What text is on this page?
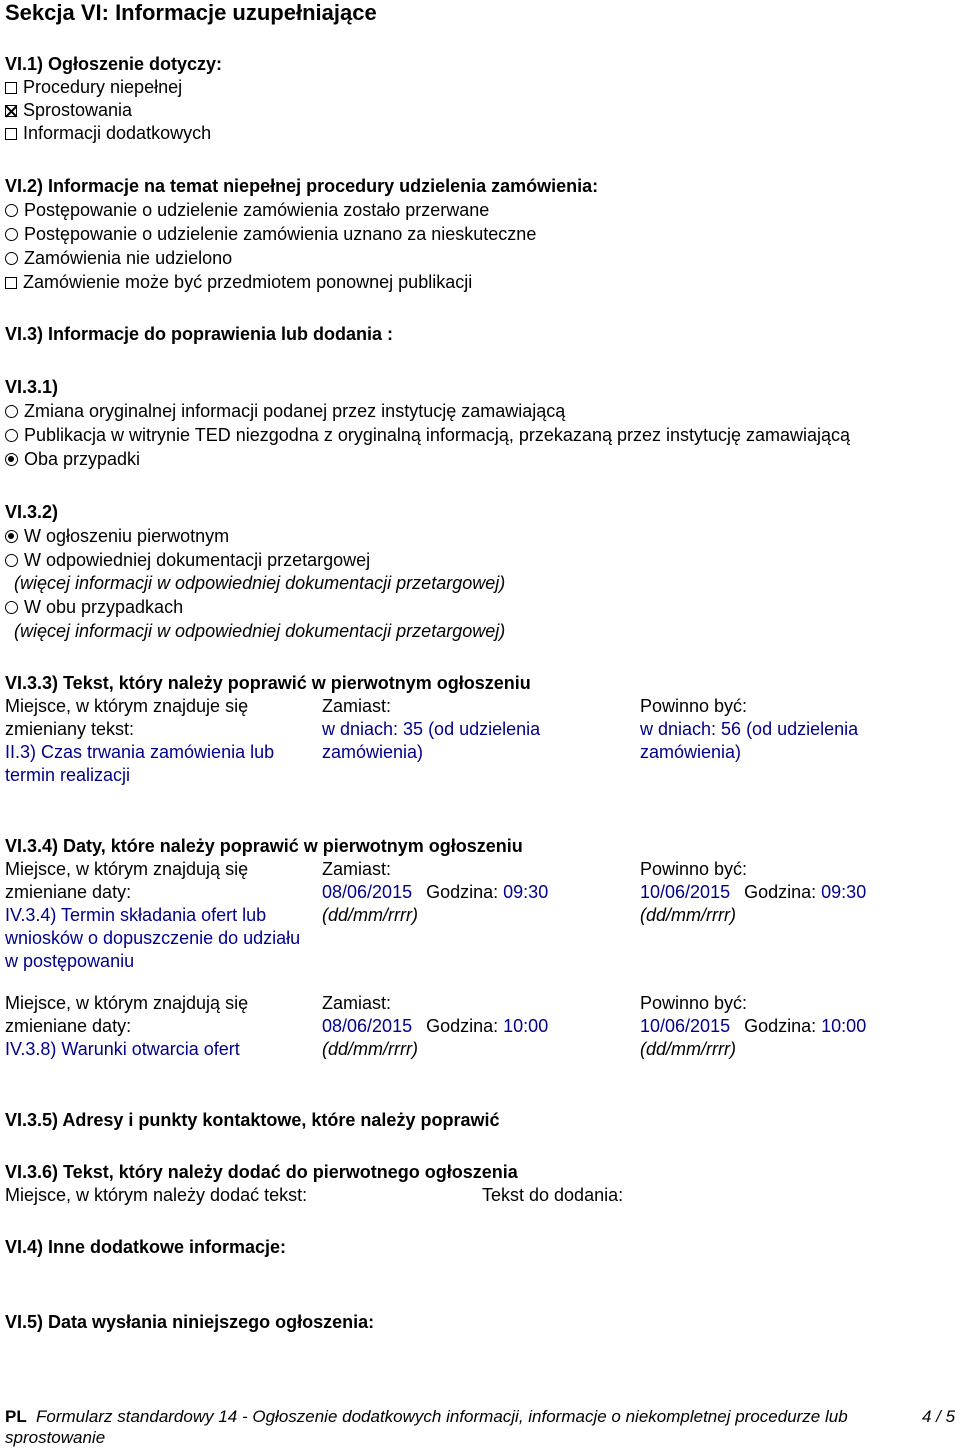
Sekcja VI: Informacje uzupełniające
VI.1) Ogłoszenie dotyczy:
Procedury niepełnej
Sprostowania
Informacji dodatkowych
VI.2) Informacje na temat niepełnej procedury udzielenia zamówienia:
Postępowanie o udzielenie zamówienia zostało przerwane
Postępowanie o udzielenie zamówienia uznano za nieskuteczne
Zamówienia nie udzielono
Zamówienie może być przedmiotem ponownej publikacji
VI.3) Informacje do poprawienia lub dodania :
VI.3.1)
Zmiana oryginalnej informacji podanej przez instytucję zamawiającą
Publikacja w witrynie TED niezgodna z oryginalną informacją, przekazaną przez instytucję zamawiającą
Oba przypadki
VI.3.2)
W ogłoszeniu pierwotnym
W odpowiedniej dokumentacji przetargowej
(więcej informacji w odpowiedniej dokumentacji przetargowej)
W obu przypadkach
(więcej informacji w odpowiedniej dokumentacji przetargowej)
VI.3.3) Tekst, który należy poprawić w pierwotnym ogłoszeniu
Miejsce, w którym znajduje się
zmieniany tekst:
II.3) Czas trwania zamówienia lub
termin realizacji
Zamiast:
w dniach: 35 (od udzielenia
zamówienia)
Powinno być:
w dniach: 56 (od udzielenia
zamówienia)
VI.3.4) Daty, które należy poprawić w pierwotnym ogłoszeniu
Miejsce, w którym znajdują się
zmieniane daty:
IV.3.4) Termin składania ofert lub
wniosków o dopuszczenie do udziału
w postępowaniu
Zamiast:
08/06/2015 Godzina: 09:30
(dd/mm/rrrr)
Powinno być:
10/06/2015 Godzina: 09:30
(dd/mm/rrrr)
Miejsce, w którym znajdują się
zmieniane daty:
IV.3.8) Warunki otwarcia ofert
Zamiast:
08/06/2015 Godzina: 10:00
(dd/mm/rrrr)
Powinno być:
10/06/2015 Godzina: 10:00
(dd/mm/rrrr)
VI.3.5) Adresy i punkty kontaktowe, które należy poprawić
VI.3.6) Tekst, który należy dodać do pierwotnego ogłoszenia
Miejsce, w którym należy dodać tekst:	Tekst do dodania:
VI.4) Inne dodatkowe informacje:
VI.5) Data wysłania niniejszego ogłoszenia:
PL Formularz standardowy 14 - Ogłoszenie dodatkowych informacji, informacje o niekompletnej procedurze lub
sprostowanie
4 / 5
